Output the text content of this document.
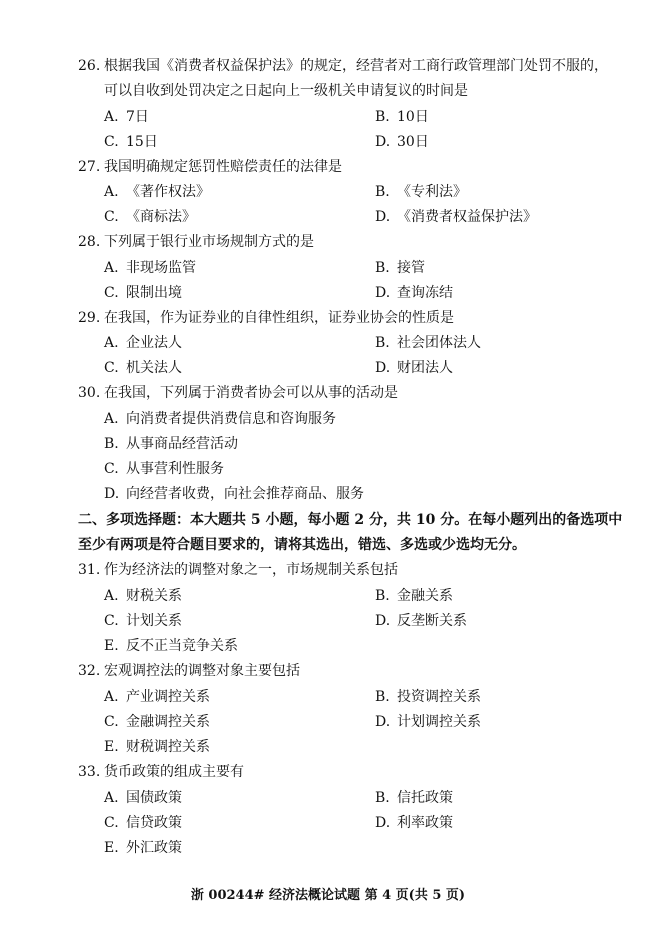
26. 根据我国《消费者权益保护法》的规定，经营者对工商行政管理部门处罚不服的，
可以自收到处罚决定之日起向上一级机关申请复议的时间是
A. 7日	B. 10日
C. 15日	D. 30日
27. 我国明确规定惩罚性赔偿责任的法律是
A. 《著作权法》	B. 《专利法》
C. 《商标法》	D. 《消费者权益保护法》
28. 下列属于银行业市场规制方式的是
A. 非现场监管	B. 接管
C. 限制出境	D. 查询冻结
29. 在我国，作为证券业的自律性组织，证券业协会的性质是
A. 企业法人	B. 社会团体法人
C. 机关法人	D. 财团法人
30. 在我国，下列属于消费者协会可以从事的活动是
A. 向消费者提供消费信息和咨询服务
B. 从事商品经营活动
C. 从事营利性服务
D. 向经营者收费，向社会推荐商品、服务
二、多项选择题：本大题共 5 小题，每小题 2 分，共 10 分。在每小题列出的备选项中
至少有两项是符合题目要求的，请将其选出，错选、多选或少选均无分。
31. 作为经济法的调整对象之一，市场规制关系包括
A. 财税关系	B. 金融关系
C. 计划关系	D. 反垄断关系
E. 反不正当竞争关系
32. 宏观调控法的调整对象主要包括
A. 产业调控关系	B. 投资调控关系
C. 金融调控关系	D. 计划调控关系
E. 财税调控关系
33. 货币政策的组成主要有
A. 国债政策	B. 信托政策
C. 信贷政策	D. 利率政策
E. 外汇政策
浙 00244# 经济法概论试题 第 4 页(共 5 页)
